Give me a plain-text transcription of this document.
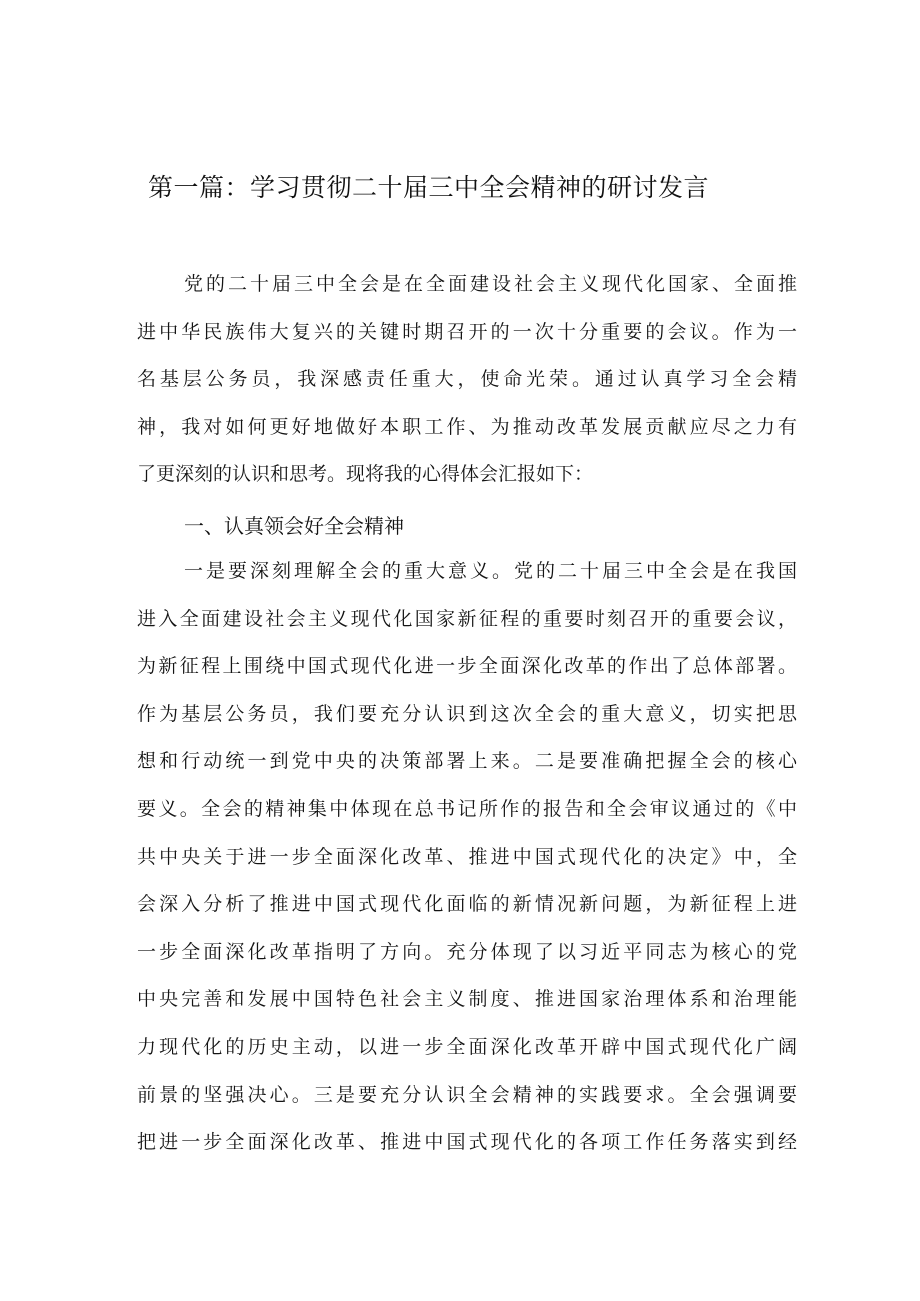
第一篇：学习贯彻二十届三中全会精神的研讨发言
党的二十届三中全会是在全面建设社会主义现代化国家、全面推
进中华民族伟大复兴的关键时期召开的一次十分重要的会议。作为一
名基层公务员，我深感责任重大，使命光荣。通过认真学习全会精
神，我对如何更好地做好本职工作、为推动改革发展贡献应尽之力有
了更深刻的认识和思考。现将我的心得体会汇报如下：
一、认真领会好全会精神
一是要深刻理解全会的重大意义。党的二十届三中全会是在我国
进入全面建设社会主义现代化国家新征程的重要时刻召开的重要会议，
为新征程上围绕中国式现代化进一步全面深化改革的作出了总体部署。
作为基层公务员，我们要充分认识到这次全会的重大意义，切实把思
想和行动统一到党中央的决策部署上来。二是要准确把握全会的核心
要义。全会的精神集中体现在总书记所作的报告和全会审议通过的《中
共中央关于进一步全面深化改革、推进中国式现代化的决定》中，全
会深入分析了推进中国式现代化面临的新情况新问题，为新征程上进
一步全面深化改革指明了方向。充分体现了以习近平同志为核心的党
中央完善和发展中国特色社会主义制度、推进国家治理体系和治理能
力现代化的历史主动，以进一步全面深化改革开辟中国式现代化广阔
前景的坚强决心。三是要充分认识全会精神的实践要求。全会强调要
把进一步全面深化改革、推进中国式现代化的各项工作任务落实到经
